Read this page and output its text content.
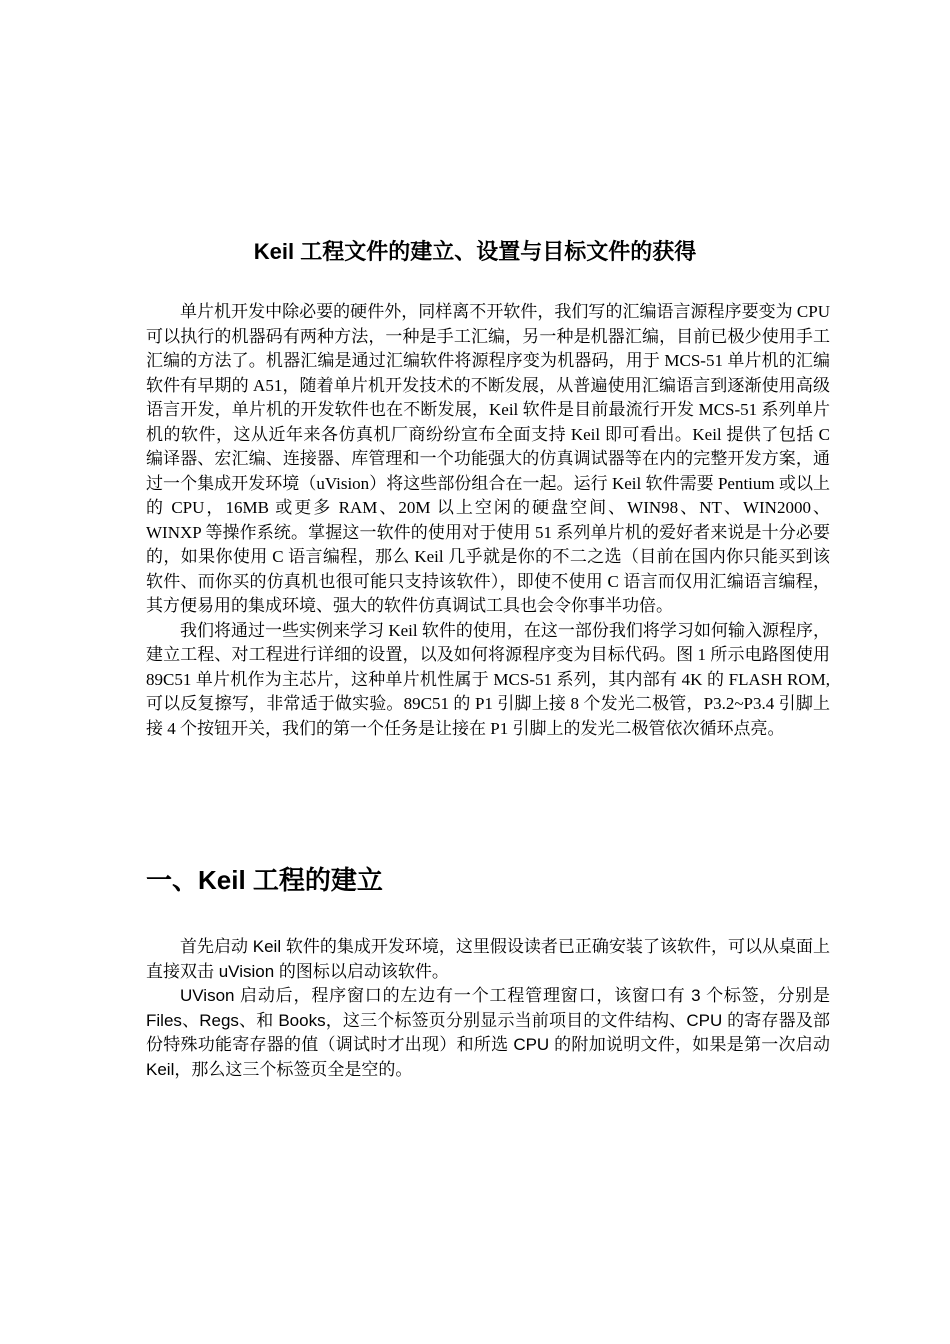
Keil 工程文件的建立、设置与目标文件的获得

单片机开发中除必要的硬件外，同样离不开软件，我们写的汇编语言源程序要变为 CPU 可以执行的机器码有两种方法，一种是手工汇编，另一种是机器汇编，目前已极少使用手工汇编的方法了。机器汇编是通过汇编软件将源程序变为机器码，用于 MCS-51 单片机的汇编软件有早期的 A51，随着单片机开发技术的不断发展，从普遍使用汇编语言到逐渐使用高级语言开发，单片机的开发软件也在不断发展，Keil 软件是目前最流行开发 MCS-51 系列单片机的软件，这从近年来各仿真机厂商纷纷宣布全面支持 Keil 即可看出。Keil 提供了包括 C 编译器、宏汇编、连接器、库管理和一个功能强大的仿真调试器等在内的完整开发方案，通过一个集成开发环境（uVision）将这些部份组合在一起。运行 Keil 软件需要 Pentium 或以上的 CPU，16MB 或更多 RAM、20M 以上空闲的硬盘空间、WIN98、NT、WIN2000、WINXP 等操作系统。掌握这一软件的使用对于使用 51 系列单片机的爱好者来说是十分必要的，如果你使用 C 语言编程，那么 Keil 几乎就是你的不二之选（目前在国内你只能买到该软件、而你买的仿真机也很可能只支持该软件），即使不使用 C 语言而仅用汇编语言编程，其方便易用的集成环境、强大的软件仿真调试工具也会令你事半功倍。

我们将通过一些实例来学习 Keil 软件的使用，在这一部份我们将学习如何输入源程序，建立工程、对工程进行详细的设置，以及如何将源程序变为目标代码。图 1 所示电路图使用 89C51 单片机作为主芯片，这种单片机性属于 MCS-51 系列，其内部有 4K 的 FLASH ROM,可以反复擦写，非常适于做实验。89C51 的 P1 引脚上接 8 个发光二极管，P3.2~P3.4 引脚上接 4 个按钮开关，我们的第一个任务是让接在 P1 引脚上的发光二极管依次循环点亮。

一、Keil 工程的建立

首先启动 Keil 软件的集成开发环境，这里假设读者已正确安装了该软件，可以从桌面上直接双击 uVision 的图标以启动该软件。

UVison 启动后，程序窗口的左边有一个工程管理窗口，该窗口有 3 个标签，分别是 Files、Regs、和 Books，这三个标签页分别显示当前项目的文件结构、CPU 的寄存器及部份特殊功能寄存器的值（调试时才出现）和所选 CPU 的附加说明文件，如果是第一次启动 Keil，那么这三个标签页全是空的。
